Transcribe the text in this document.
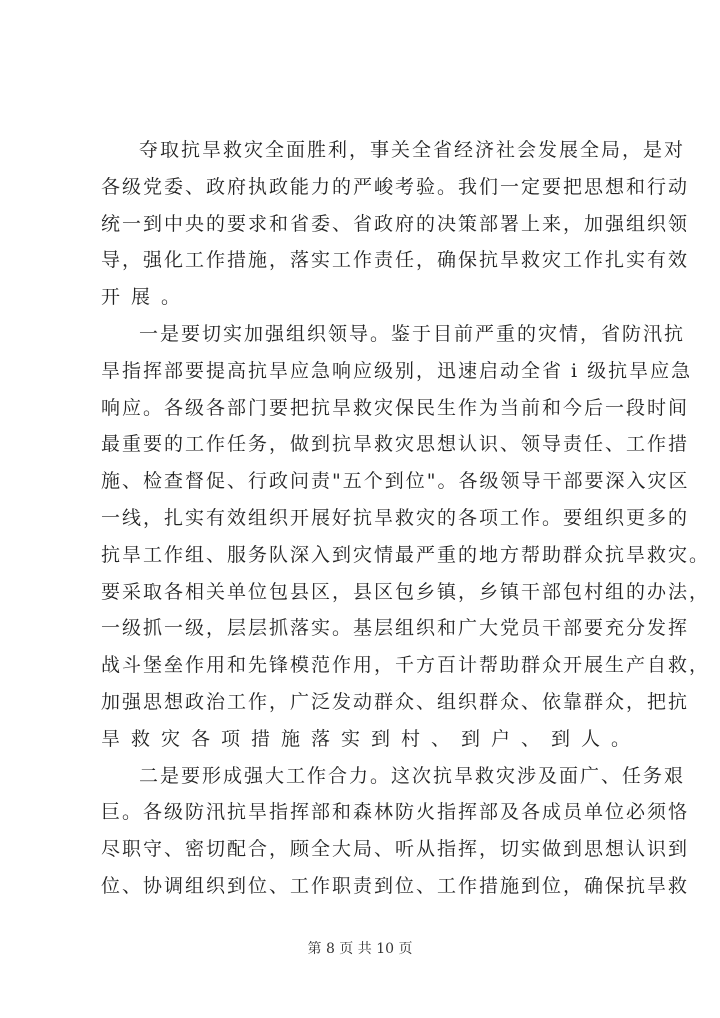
夺取抗旱救灾全面胜利，事关全省经济社会发展全局，是对
各级党委、政府执政能力的严峻考验。我们一定要把思想和行动
统一到中央的要求和省委、省政府的决策部署上来，加强组织领
导，强化工作措施，落实工作责任，确保抗旱救灾工作扎实有效
开展。
一是要切实加强组织领导。鉴于目前严重的灾情，省防汛抗
旱指挥部要提高抗旱应急响应级别，迅速启动全省 i 级抗旱应急
响应。各级各部门要把抗旱救灾保民生作为当前和今后一段时间
最重要的工作任务，做到抗旱救灾思想认识、领导责任、工作措
施、检查督促、行政问责"五个到位"。各级领导干部要深入灾区
一线，扎实有效组织开展好抗旱救灾的各项工作。要组织更多的
抗旱工作组、服务队深入到灾情最严重的地方帮助群众抗旱救灾。
要采取各相关单位包县区，县区包乡镇，乡镇干部包村组的办法，
一级抓一级，层层抓落实。基层组织和广大党员干部要充分发挥
战斗堡垒作用和先锋模范作用，千方百计帮助群众开展生产自救，
加强思想政治工作，广泛发动群众、组织群众、依靠群众，把抗
旱救灾各项措施落实到村、到户、到人。
二是要形成强大工作合力。这次抗旱救灾涉及面广、任务艰
巨。各级防汛抗旱指挥部和森林防火指挥部及各成员单位必须恪
尽职守、密切配合，顾全大局、听从指挥，切实做到思想认识到
位、协调组织到位、工作职责到位、工作措施到位，确保抗旱救
第 8 页 共 10 页
